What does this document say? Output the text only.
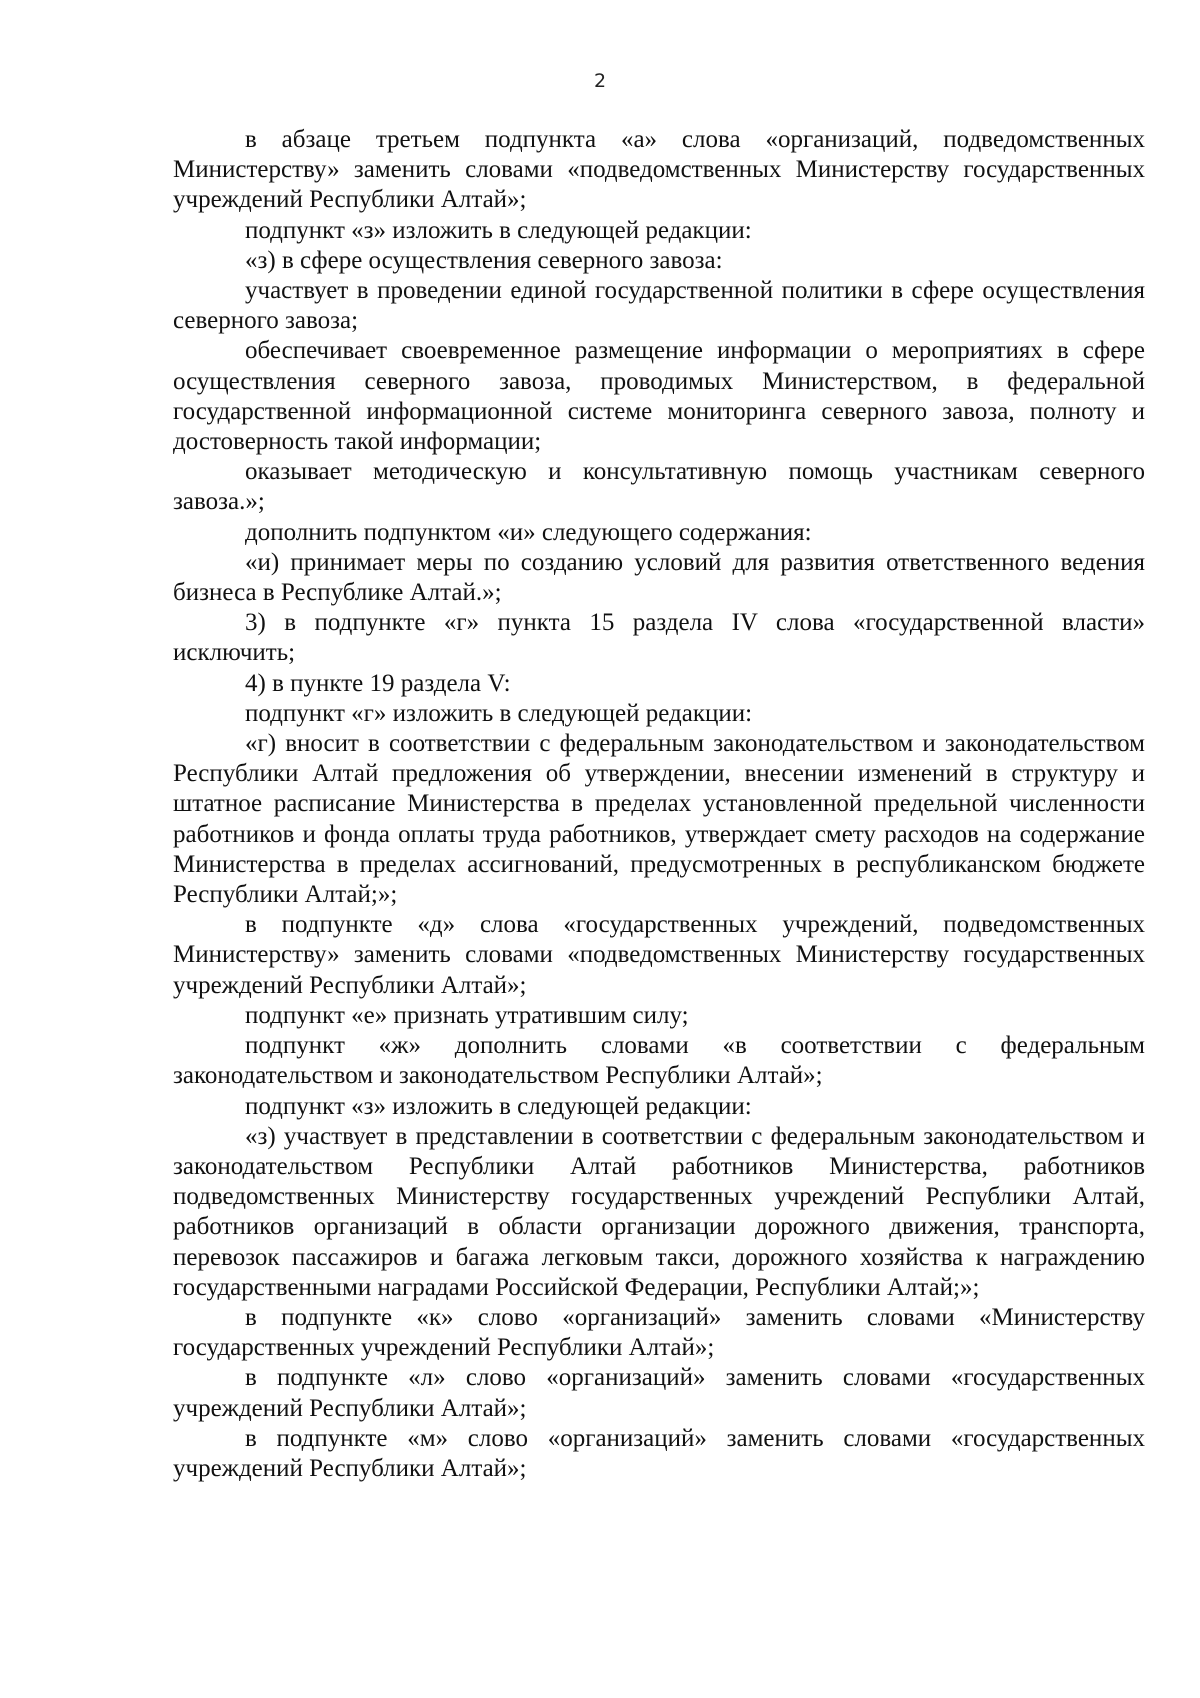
2

в абзаце третьем подпункта «а» слова «организаций, подведомственных Министерству» заменить словами «подведомственных Министерству государственных учреждений Республики Алтай»;

подпункт «з» изложить в следующей редакции:

«з) в сфере осуществления северного завоза:

участвует в проведении единой государственной политики в сфере осуществления северного завоза;

обеспечивает своевременное размещение информации о мероприятиях в сфере осуществления северного завоза, проводимых Министерством, в федеральной государственной информационной системе мониторинга северного завоза, полноту и достоверность такой информации;

оказывает методическую и консультативную помощь участникам северного завоза.»;

дополнить подпунктом «и» следующего содержания:

«и) принимает меры по созданию условий для развития ответственного ведения бизнеса в Республике Алтай.»;

3) в подпункте «г» пункта 15 раздела IV слова «государственной власти» исключить;

4) в пункте 19 раздела V:

подпункт «г» изложить в следующей редакции:

«г) вносит в соответствии с федеральным законодательством и законодательством Республики Алтай предложения об утверждении, внесении изменений в структуру и штатное расписание Министерства в пределах установленной предельной численности работников и фонда оплаты труда работников, утверждает смету расходов на содержание Министерства в пределах ассигнований, предусмотренных в республиканском бюджете Республики Алтай;»;

в подпункте «д» слова «государственных учреждений, подведомственных Министерству» заменить словами «подведомственных Министерству государственных учреждений Республики Алтай»;

подпункт «е» признать утратившим силу;

подпункт «ж» дополнить словами «в соответствии с федеральным законодательством и законодательством Республики Алтай»;

подпункт «з» изложить в следующей редакции:

«з) участвует в представлении в соответствии с федеральным законодательством и законодательством Республики Алтай работников Министерства, работников подведомственных Министерству государственных учреждений Республики Алтай, работников организаций в области организации дорожного движения, транспорта, перевозок пассажиров и багажа легковым такси, дорожного хозяйства к награждению государственными наградами Российской Федерации, Республики Алтай;»;

в подпункте «к» слово «организаций» заменить словами «Министерству государственных учреждений Республики Алтай»;

в подпункте «л» слово «организаций» заменить словами «государственных учреждений Республики Алтай»;

в подпункте «м» слово «организаций» заменить словами «государственных учреждений Республики Алтай»;
